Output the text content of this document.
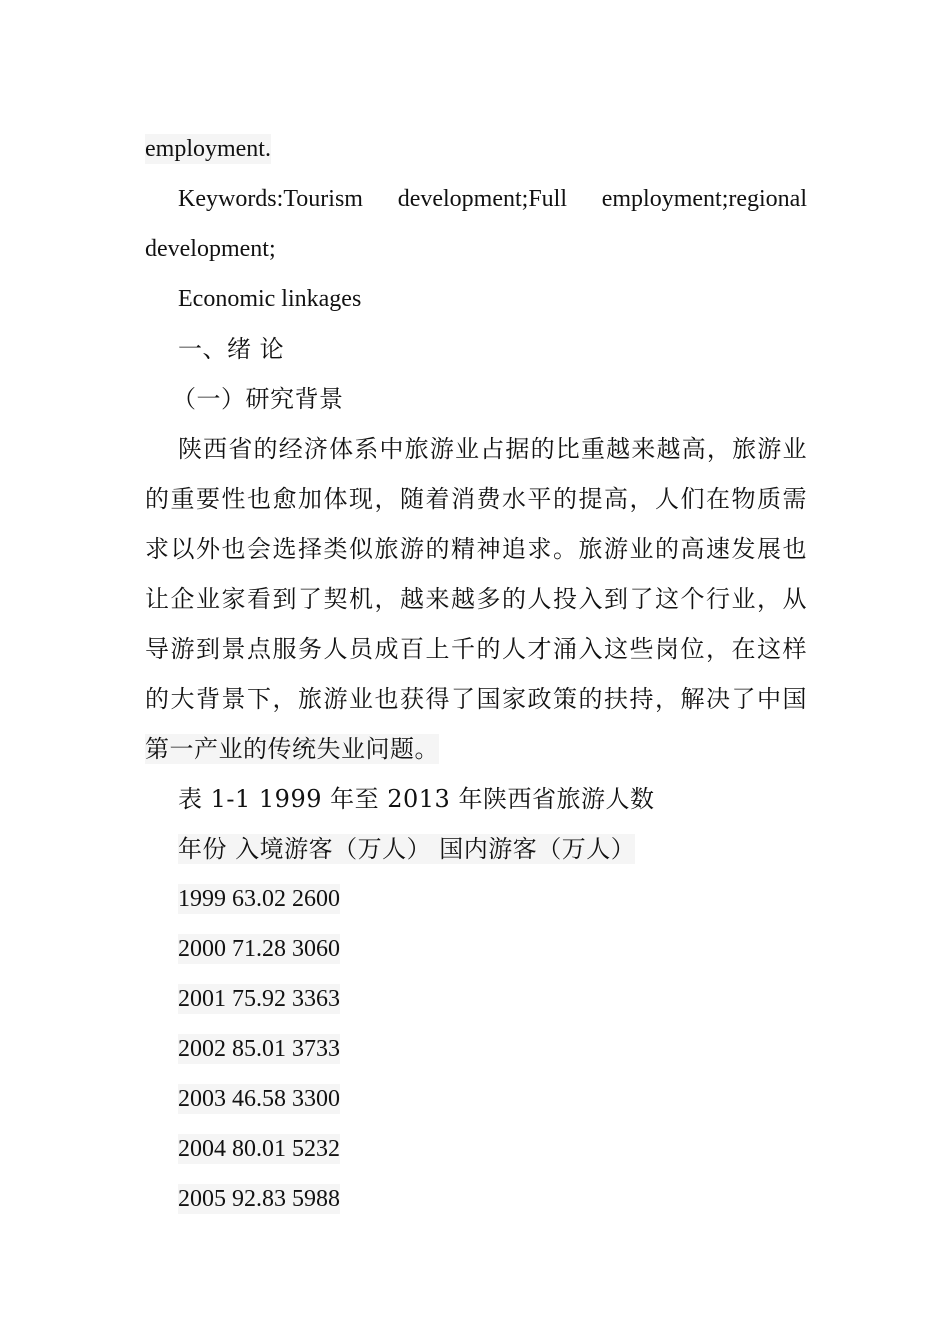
employment.
Keywords:Tourism development;Full employment;regional
development;
Economic linkages
一、绪 论
（一）研究背景
陕西省的经济体系中旅游业占据的比重越来越高，旅游业
的重要性也愈加体现，随着消费水平的提高，人们在物质需
求以外也会选择类似旅游的精神追求。旅游业的高速发展也
让企业家看到了契机，越来越多的人投入到了这个行业，从
导游到景点服务人员成百上千的人才涌入这些岗位，在这样
的大背景下，旅游业也获得了国家政策的扶持，解决了中国
第一产业的传统失业问题。
表 1-1 1999 年至 2013 年陕西省旅游人数
年份 入境游客（万人） 国内游客（万人）
1999 63.02 2600
2000 71.28 3060
2001 75.92 3363
2002 85.01 3733
2003 46.58 3300
2004 80.01 5232
2005 92.83 5988
